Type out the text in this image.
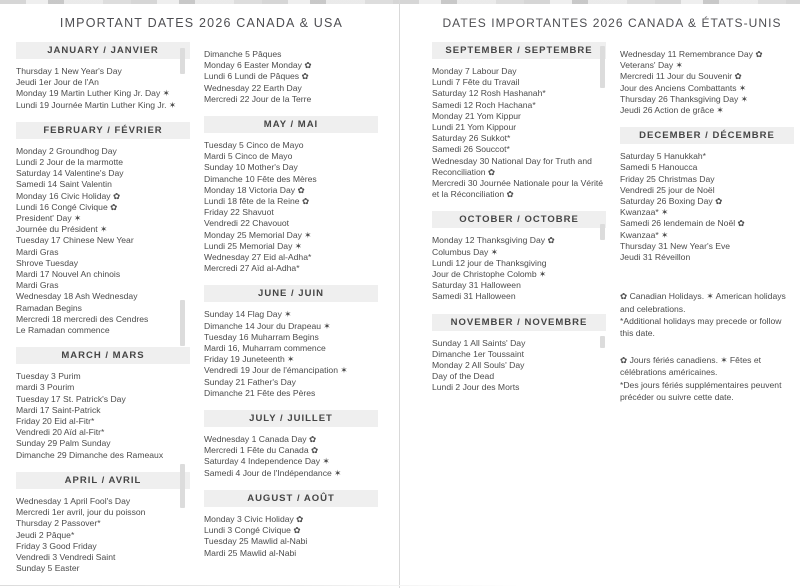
IMPORTANT DATES 2026 CANADA & USA
JANUARY / JANVIER
Thursday 1 New Year's Day
Jeudi 1er Jour de l'An
Monday 19 Martin Luther King Jr. Day ✶
Lundi 19 Journée Martin Luther King Jr. ✶
FEBRUARY / FÉVRIER
Monday 2 Groundhog Day
Lundi 2 Jour de la marmotte
Saturday 14 Valentine's Day
Samedi 14 Saint Valentin
Monday 16 Civic Holiday ✿
Lundi 16 Congé Civique ✿
President' Day ✶
Journée du Président ✶
Tuesday 17 Chinese New Year
Mardi Gras
Shrove Tuesday
Mardi 17 Nouvel An chinois
Mardi Gras
Wednesday 18 Ash Wednesday
Ramadan Begins
Mercredi 18 mercredi des Cendres
Le Ramadan commence
MARCH / MARS
Tuesday 3 Purim
mardi 3 Pourim
Tuesday 17 St. Patrick's Day
Mardi 17 Saint-Patrick
Friday 20 Eid al-Fitr*
Vendredi 20 Aïd al-Fitr*
Sunday 29 Palm Sunday
Dimanche 29 Dimanche des Rameaux
APRIL / AVRIL
Wednesday 1 April Fool's Day
Mercredi 1er avril, jour du poisson
Thursday 2 Passover*
Jeudi 2 Pâque*
Friday 3 Good Friday
Vendredi 3 Vendredi Saint
Sunday 5 Easter
Dimanche 5 Pâques
Monday 6 Easter Monday ✿
Lundi 6 Lundi de Pâques ✿
Wednesday 22 Earth Day
Mercredi 22 Jour de la Terre
MAY / MAI
Tuesday 5 Cinco de Mayo
Mardi 5 Cinco de Mayo
Sunday 10 Mother's Day
Dimanche 10 Fête des Mères
Monday 18 Victoria Day ✿
Lundi 18 fête de la Reine ✿
Friday 22 Shavuot
Vendredi 22 Chavouot
Monday 25 Memorial Day ✶
Lundi 25 Memorial Day ✶
Wednesday 27 Eid al-Adha*
Mercredi 27 Aïd al-Adha*
JUNE / JUIN
Sunday 14 Flag Day ✶
Dimanche 14 Jour du Drapeau ✶
Tuesday 16 Muharram Begins
Mardi 16, Muharram commence
Friday 19 Juneteenth ✶
Vendredi 19 Jour de l'émancipation ✶
Sunday 21 Father's Day
Dimanche 21 Fête des Pères
JULY / JUILLET
Wednesday 1 Canada Day ✿
Mercredi 1 Fête du Canada ✿
Saturday 4 Independence Day ✶
Samedi 4 Jour de l'Indépendance ✶
AUGUST / AOÛT
Monday 3 Civic Holiday ✿
Lundi 3 Congé Civique ✿
Tuesday 25 Mawlid al-Nabi
Mardi 25 Mawlid al-Nabi
DATES IMPORTANTES 2026 CANADA & ÉTATS-UNIS
SEPTEMBER / SEPTEMBRE
Monday 7 Labour Day
Lundi 7 Fête du Travail
Saturday 12 Rosh Hashanah*
Samedi 12 Roch Hachana*
Monday 21 Yom Kippur
Lundi 21 Yom Kippour
Saturday 26 Sukkot*
Samedi 26 Souccot*
Wednesday 30 National Day for Truth and Reconciliation ✿
Mercredi 30 Journée Nationale pour la Vérité et la Réconciliation ✿
OCTOBER / OCTOBRE
Monday 12 Thanksgiving Day ✿
Columbus Day ✶
Lundi 12 jour de Thanksgiving
Jour de Christophe Colomb ✶
Saturday 31 Halloween
Samedi 31 Halloween
NOVEMBER / NOVEMBRE
Sunday 1 All Saints' Day
Dimanche 1er Toussaint
Monday 2 All Souls' Day
Day of the Dead
Lundi 2 Jour des Morts
Wednesday 11 Remembrance Day ✿
Veterans' Day ✶
Mercredi 11 Jour du Souvenir ✿
Jour des Anciens Combattants ✶
Thursday 26 Thanksgiving Day ✶
Jeudi 26 Action de grâce ✶
DECEMBER / DÉCEMBRE
Saturday 5 Hanukkah*
Samedi 5 Hanoucca
Friday 25 Christmas Day
Vendredi 25 jour de Noël
Saturday 26 Boxing Day ✿
Kwanzaa* ✶
Samedi 26 lendemain de Noël ✿
Kwanzaa* ✶
Thursday 31 New Year's Eve
Jeudi 31 Réveillon
✿ Canadian Holidays. ✶ American holidays and celebrations.
*Additional holidays may precede or follow this date.
✿ Jours fériés canadiens. ✶ Fêtes et célébrations américaines.
*Des jours fériés supplémentaires peuvent précéder ou suivre cette date.
